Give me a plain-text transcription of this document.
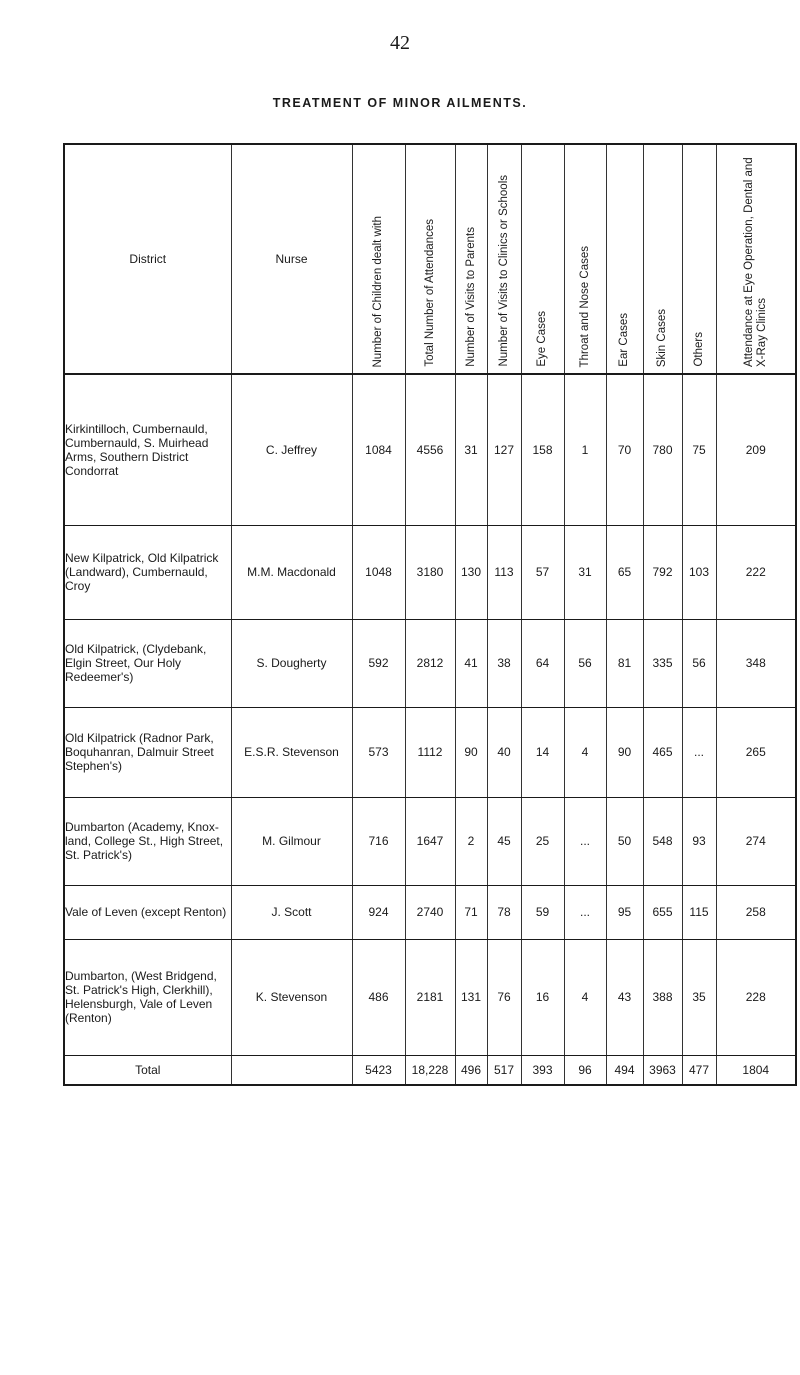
42
TREATMENT OF MINOR AILMENTS.
District	Nurse	Number of Children dealt with	Total Number of Attendances	Number of Visits to Parents	Number of Visits to Clinics or Schools	Eye Cases	Throat and Nose Cases	Ear Cases	Skin Cases	Others	Attendance at Eye Operation, Dental and X-Ray Clinics

Kirkintilloch, Cumbernauld, Cumbernauld, S. Muirhead Arms, Southern District Condorrat	C. Jeffrey	1084	4556	31	127	158	1	70	780	75	209
New Kilpatrick, Old Kilpatrick (Landward), Cumbernauld, Croy	M.M. Macdonald	1048	3180	130	113	57	31	65	792	103	222
Old Kilpatrick, (Clydebank, Elgin Street, Our Holy Redeemer's)	S. Dougherty	592	2812	41	38	64	56	81	335	56	348
Old Kilpatrick (Radnor Park, Boquhanran, Dalmuir Street Stephen's)	E.S.R. Stevenson	573	1112	90	40	14	4	90	465	...	265
Dumbarton (Academy, Knox-land, College St., High Street, St. Patrick's)	M. Gilmour	716	1647	2	45	25	...	50	548	93	274
Vale of Leven (except Renton)	J. Scott	924	2740	71	78	59	...	95	655	115	258
Dumbarton, (West Bridgend, St. Patrick's High, Clerkhill), Helensburgh, Vale of Leven (Renton)	K. Stevenson	486	2181	131	76	16	4	43	388	35	228
Total		5423	18,228	496	517	393	96	494	3963	477	1804
